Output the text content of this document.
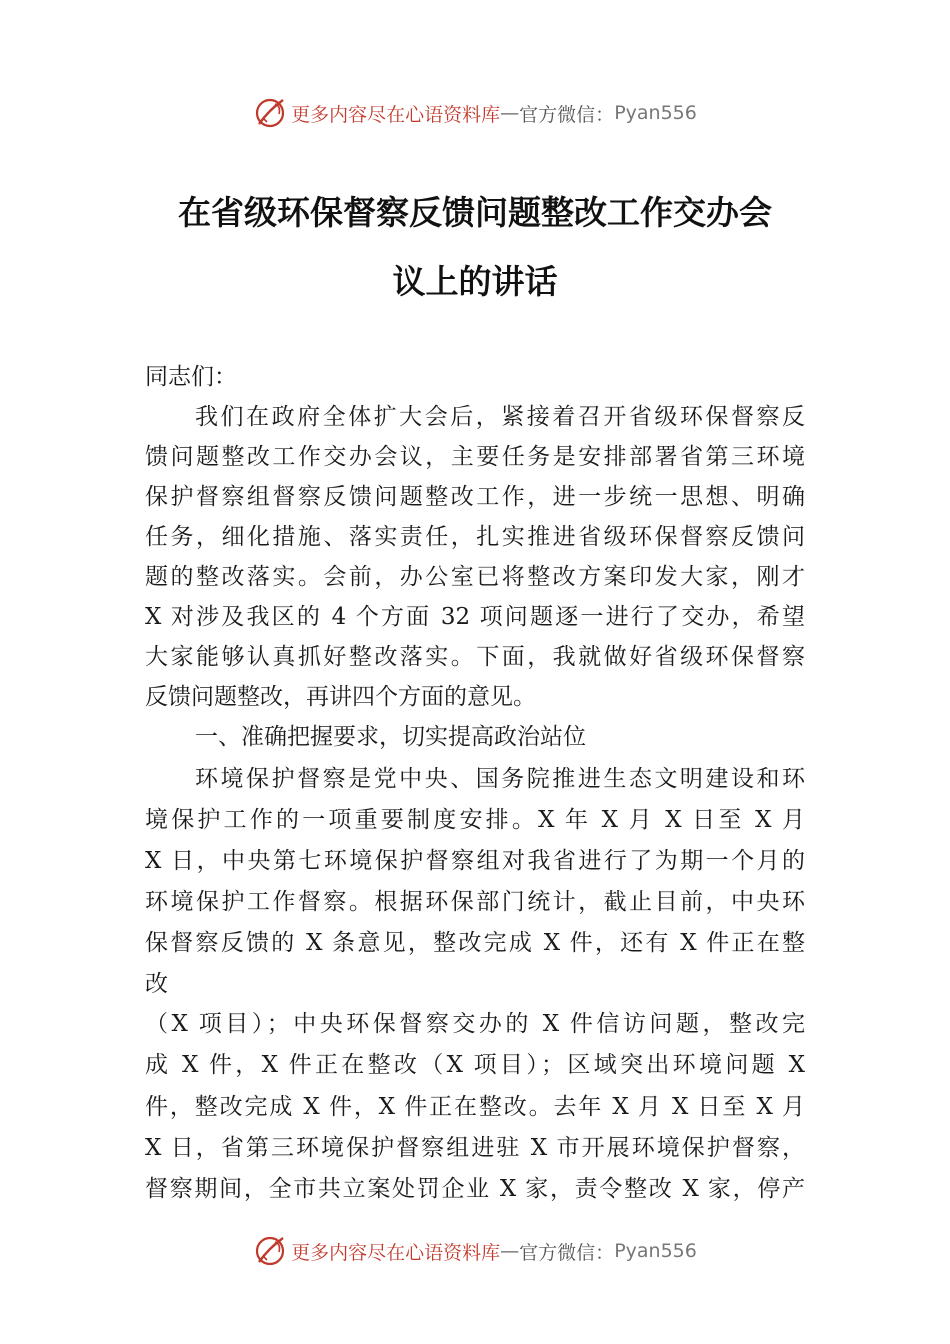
更多内容尽在心语资料库 — 官方微信： Pyan556
在省级环保督察反馈问题整改工作交办会
议上的讲话
同志们：
我们在政府全体扩大会后，紧接着召开省级环保督察反
馈问题整改工作交办会议，主要任务是安排部署省第三环境
保护督察组督察反馈问题整改工作，进一步统一思想、明确
任务，细化措施、落实责任，扎实推进省级环保督察反馈问
题的整改落实。会前，办公室已将整改方案印发大家，刚才
X 对涉及我区的 4 个方面 32 项问题逐一进行了交办，希望
大家能够认真抓好整改落实。下面，我就做好省级环保督察
反馈问题整改，再讲四个方面的意见。
一、准确把握要求，切实提高政治站位
环境保护督察是党中央、国务院推进生态文明建设和环
境保护工作的一项重要制度安排。X 年 X 月 X 日至 X 月
X 日，中央第七环境保护督察组对我省进行了为期一个月的
环境保护工作督察。根据环保部门统计，截止目前，中央环
保督察反馈的 X 条意见，整改完成 X 件，还有 X 件正在整
改
（X 项目）；中央环保督察交办的 X 件信访问题，整改完
成 X 件，X 件正在整改（X 项目）；区域突出环境问题 X
件，整改完成 X 件，X 件正在整改。去年 X 月 X 日至 X 月
X 日，省第三环境保护督察组进驻 X 市开展环境保护督察，
督察期间，全市共立案处罚企业 X 家，责令整改 X 家，停产
更多内容尽在心语资料库 — 官方微信： Pyan556
